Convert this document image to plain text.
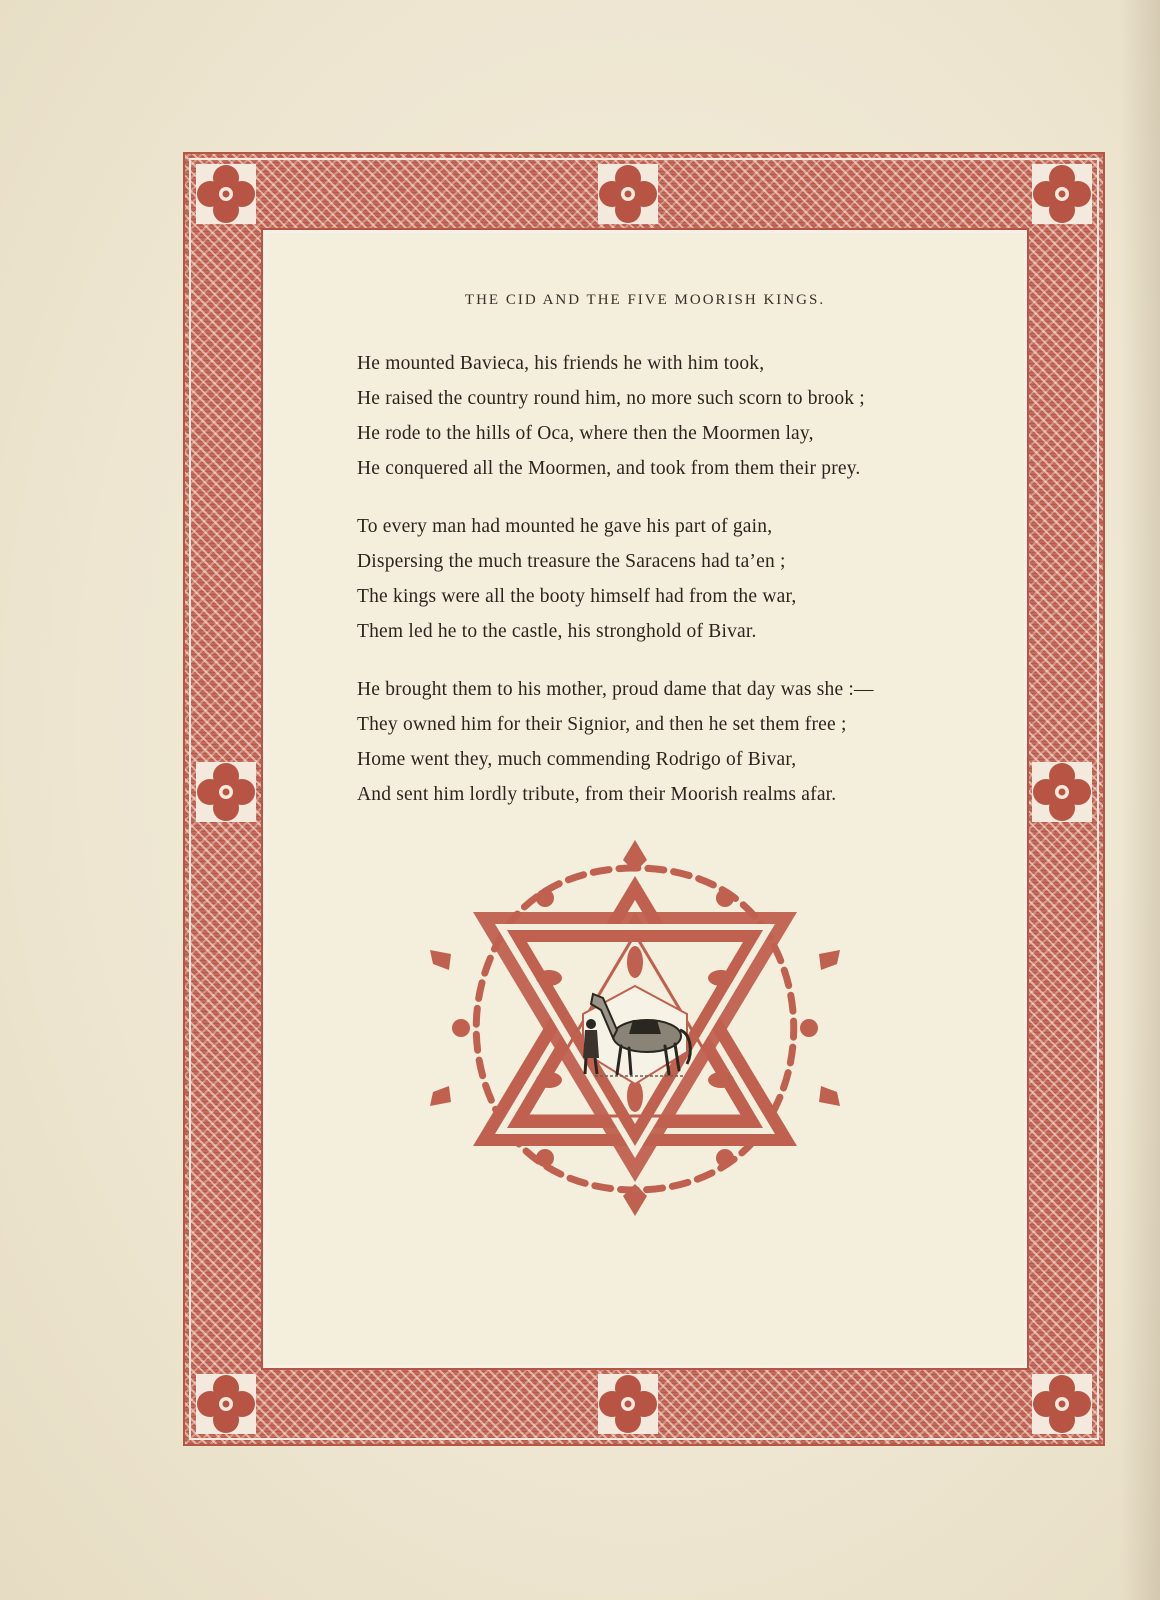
THE CID AND THE FIVE MOORISH KINGS.
He mounted Bavieca, his friends he with him took,
He raised the country round him, no more such scorn to brook ;
He rode to the hills of Oca, where then the Moormen lay,
He conquered all the Moormen, and took from them their prey.
To every man had mounted he gave his part of gain,
Dispersing the much treasure the Saracens had ta’en ;
The kings were all the booty himself had from the war,
Them led he to the castle, his stronghold of Bivar.
He brought them to his mother, proud dame that day was she :—
They owned him for their Signior, and then he set them free ;
Home went they, much commending Rodrigo of Bivar,
And sent him lordly tribute, from their Moorish realms afar.
